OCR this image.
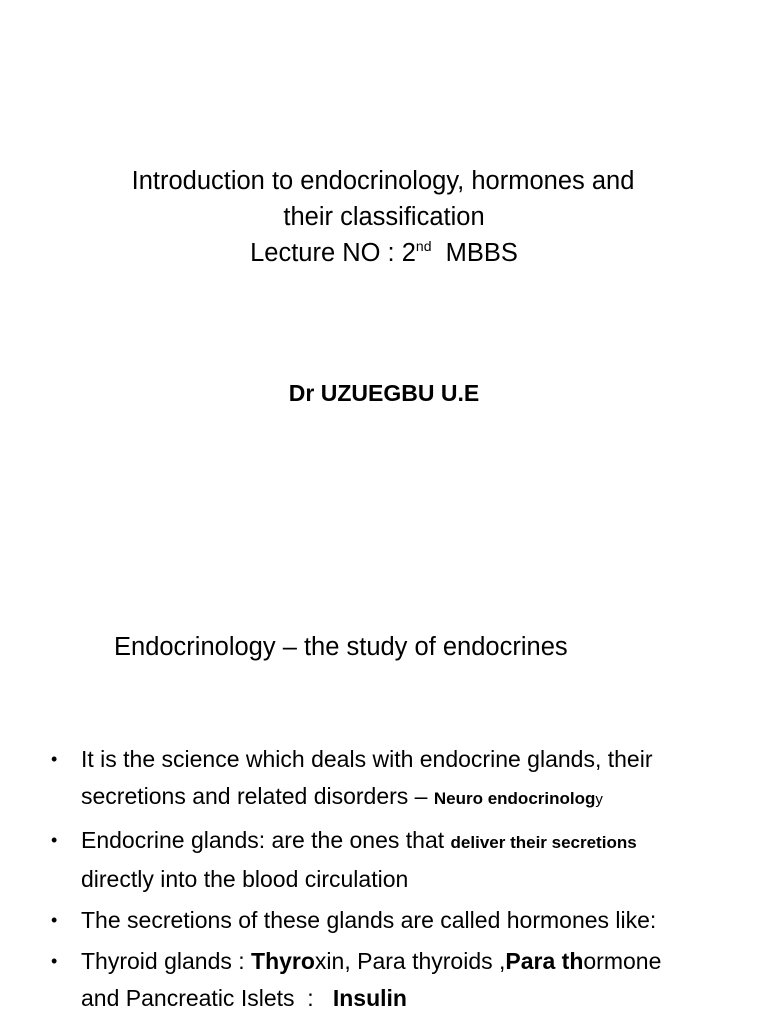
Introduction to endocrinology, hormones and
their classification
Lecture NO : 2nd  MBBS
Dr UZUEGBU U.E
Endocrinology – the study of endocrines
• It is the science which deals with endocrine glands, their
secretions and related disorders – Neuro endocrinology
• Endocrine glands: are the ones that deliver their secretions
directly into the blood circulation
• The secretions of these glands are called hormones like:
• Thyroid glands : Thyroxin, Para thyroids ,Para thormone
and Pancreatic Islets  :   Insulin
